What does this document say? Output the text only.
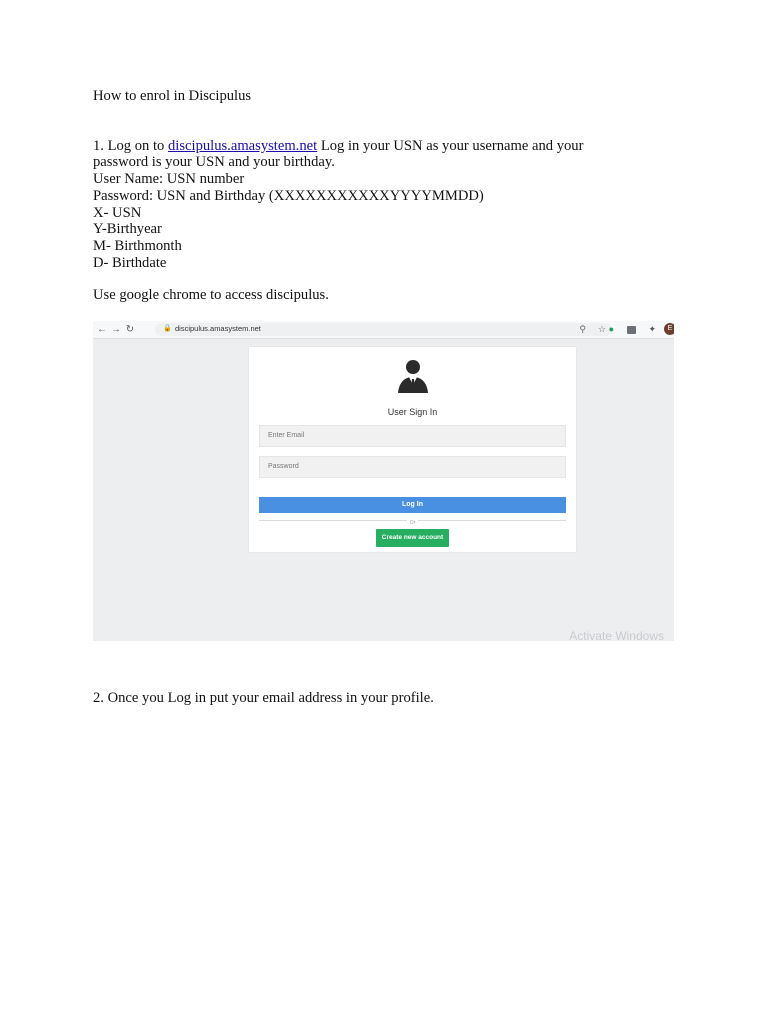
How to enrol in Discipulus

1. Log on to discipulus.amasystem.net Log in your USN as your username and your password is your USN and your birthday.

User Name: USN number

Password: USN and Birthday (XXXXXXXXXXXYYYYMMDD)

X- USN

Y-Birthyear

M- Birthmonth

D- Birthdate

Use google chrome to access discipulus.

← → ↻	🔒 discipulus.amasystem.net	⚲ ☆ ●	✦	E
User Sign In
Enter Email
Password
Log In
Or
Create new account
Activate Windows

2. Once you Log in put your email address in your profile.
